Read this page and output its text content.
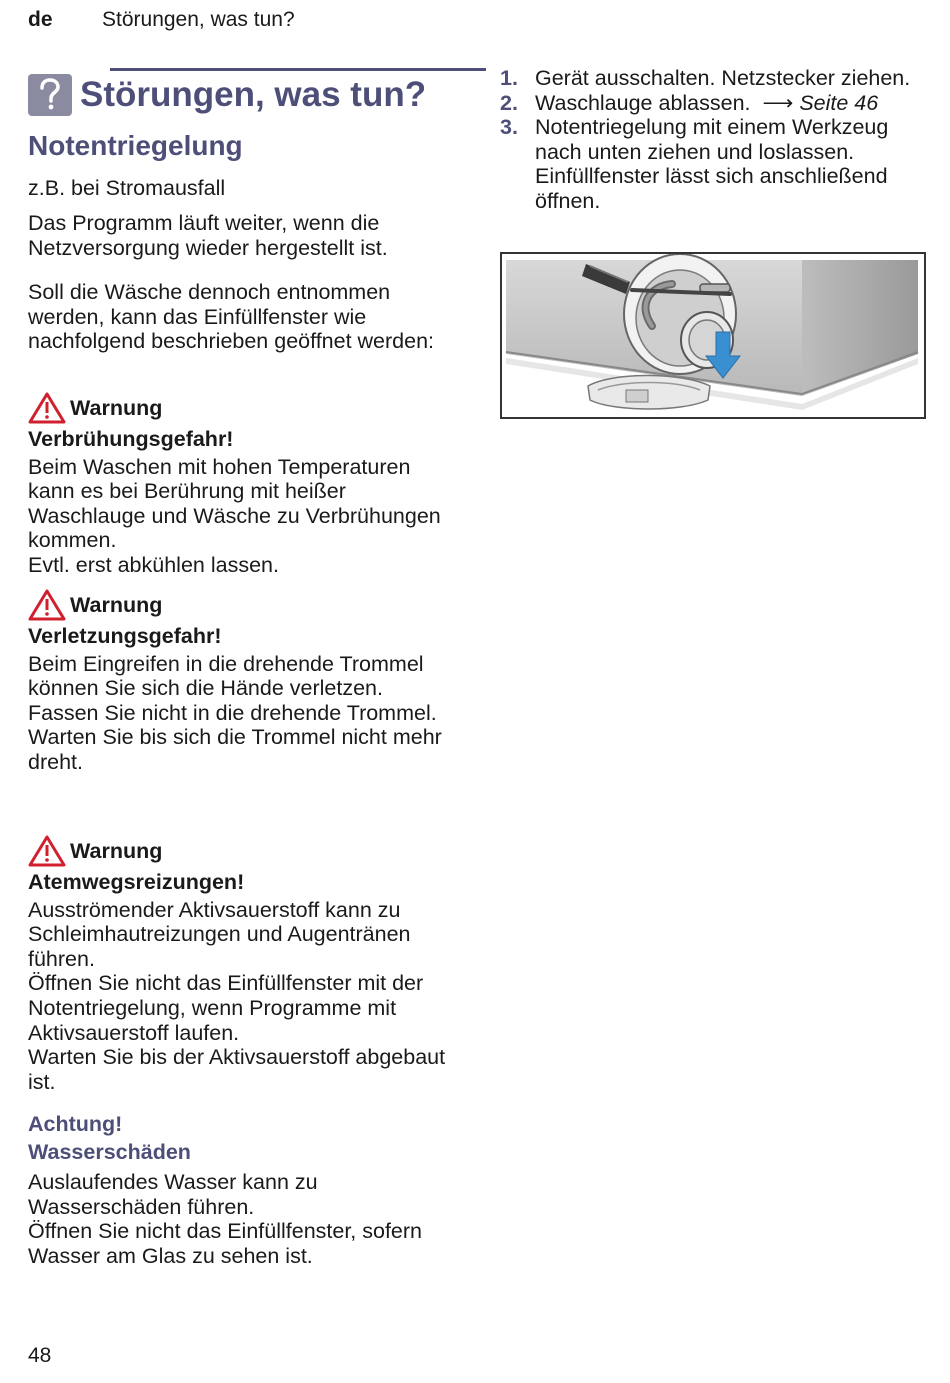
de Störungen, was tun?
Störungen, was tun?
Notentriegelung
z.B. bei Stromausfall
Das Programm läuft weiter, wenn die Netzversorgung wieder hergestellt ist.
Soll die Wäsche dennoch entnommen werden, kann das Einfüllfenster wie nachfolgend beschrieben geöffnet werden:
Warnung
Verbrühungsgefahr!
Beim Waschen mit hohen Temperaturen kann es bei Berührung mit heißer Waschlauge und Wäsche zu Verbrühungen kommen.
Evtl. erst abkühlen lassen.
Warnung
Verletzungsgefahr!
Beim Eingreifen in die drehende Trommel können Sie sich die Hände verletzen.
Fassen Sie nicht in die drehende Trommel.
Warten Sie bis sich die Trommel nicht mehr dreht.
Warnung
Atemwegsreizungen!
Ausströmender Aktivsauerstoff kann zu Schleimhautreizungen und Augentränen führen.
Öffnen Sie nicht das Einfüllfenster mit der Notentriegelung, wenn Programme mit Aktivsauerstoff laufen.
Warten Sie bis der Aktivsauerstoff abgebaut ist.
Achtung!
Wasserschäden
Auslaufendes Wasser kann zu Wasserschäden führen.
Öffnen Sie nicht das Einfüllfenster, sofern Wasser am Glas zu sehen ist.
1. Gerät ausschalten. Netzstecker ziehen.
2. Waschlauge ablassen. ⟶ Seite 46
3. Notentriegelung mit einem Werkzeug nach unten ziehen und loslassen. Einfüllfenster lässt sich anschließend öffnen.
48
